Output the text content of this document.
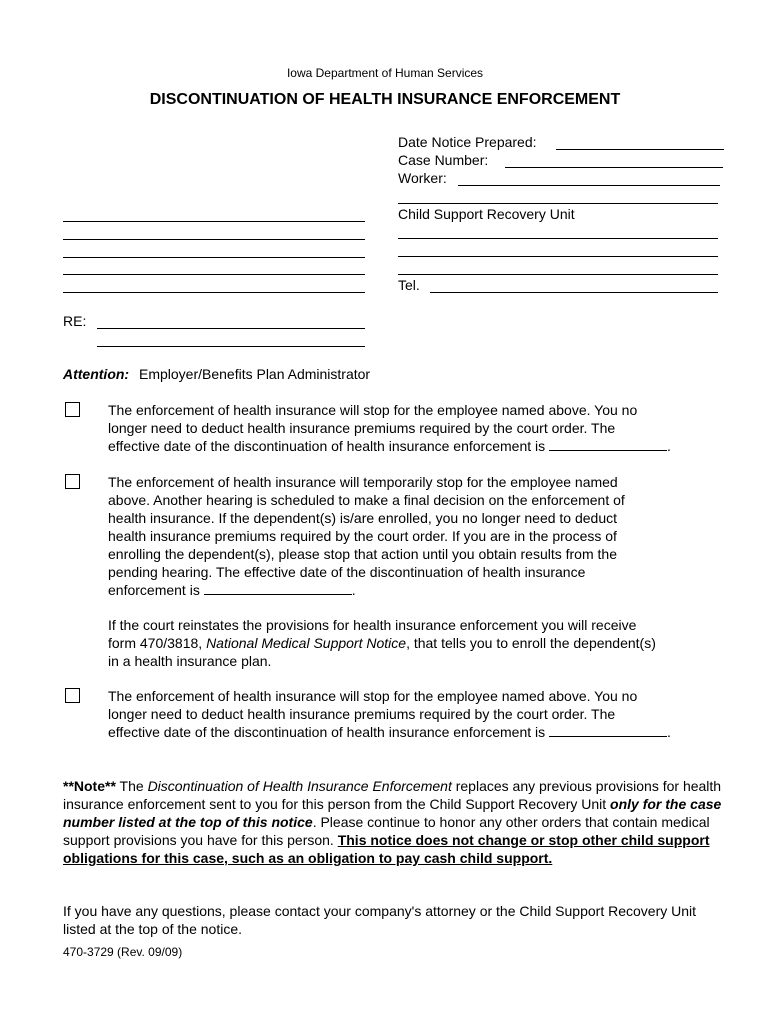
Iowa Department of Human Services
DISCONTINUATION OF HEALTH INSURANCE ENFORCEMENT
Date Notice Prepared:
Case Number:
Worker:
Child Support Recovery Unit
Tel.
RE:
Attention: Employer/Benefits Plan Administrator
The enforcement of health insurance will stop for the employee named above. You no
longer need to deduct health insurance premiums required by the court order. The
effective date of the discontinuation of health insurance enforcement is	.
The enforcement of health insurance will temporarily stop for the employee named
above. Another hearing is scheduled to make a final decision on the enforcement of
health insurance. If the dependent(s) is/are enrolled, you no longer need to deduct
health insurance premiums required by the court order. If you are in the process of
enrolling the dependent(s), please stop that action until you obtain results from the
pending hearing. The effective date of the discontinuation of health insurance
enforcement is	.
If the court reinstates the provisions for health insurance enforcement you will receive
form 470/3818, National Medical Support Notice, that tells you to enroll the dependent(s)
in a health insurance plan.
The enforcement of health insurance will stop for the employee named above. You no
longer need to deduct health insurance premiums required by the court order. The
effective date of the discontinuation of health insurance enforcement is	.
**Note** The Discontinuation of Health Insurance Enforcement replaces any previous provisions for health insurance enforcement sent to you for this person from the Child Support Recovery Unit only for the case number listed at the top of this notice. Please continue to honor any other orders that contain medical support provisions you have for this person. This notice does not change or stop other child support obligations for this case, such as an obligation to pay cash child support.
If you have any questions, please contact your company's attorney or the Child Support Recovery Unit listed at the top of the notice.
470-3729 (Rev. 09/09)
